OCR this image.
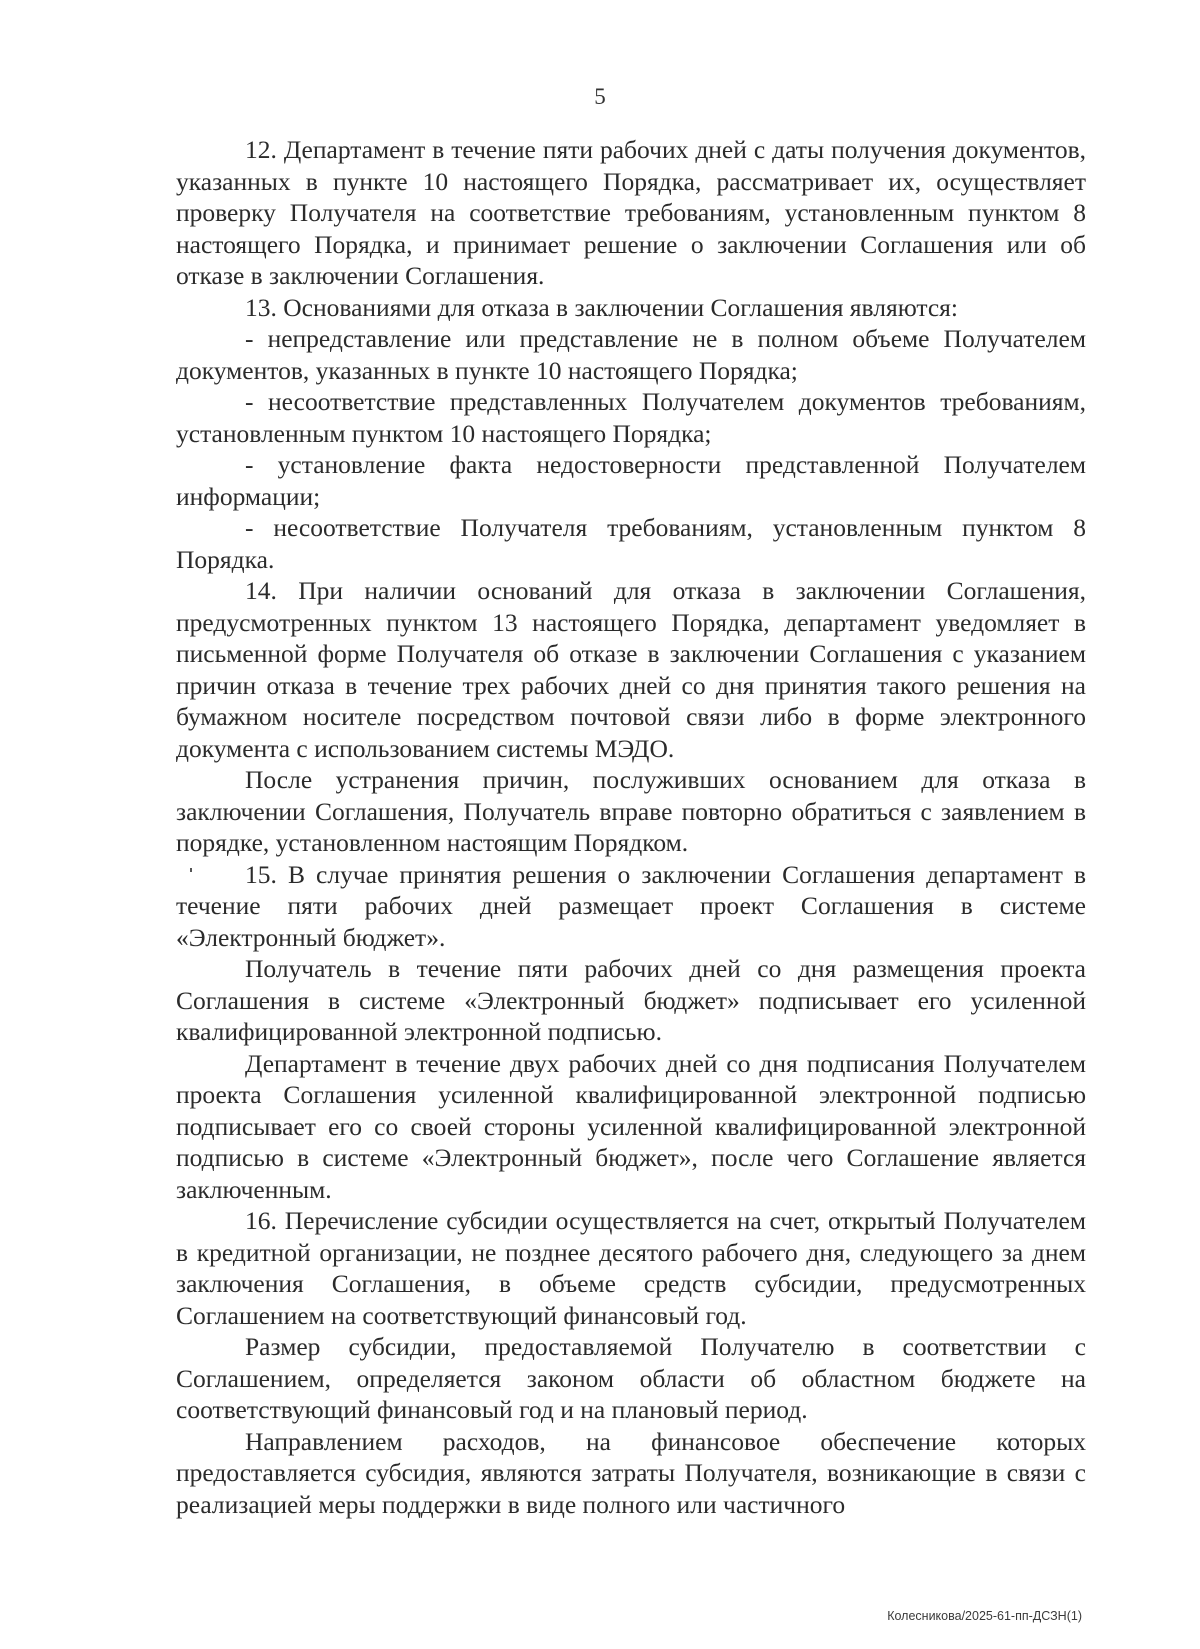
5

12. Департамент в течение пяти рабочих дней с даты получения документов, указанных в пункте 10 настоящего Порядка, рассматривает их, осуществляет проверку Получателя на соответствие требованиям, установленным пунктом 8 настоящего Порядка, и принимает решение о заключении Соглашения или об отказе в заключении Соглашения.

13. Основаниями для отказа в заключении Соглашения являются:

- непредставление или представление не в полном объеме Получателем документов, указанных в пункте 10 настоящего Порядка;

- несоответствие представленных Получателем документов требованиям, установленным пунктом 10 настоящего Порядка;

- установление факта недостоверности представленной Получателем информации;

- несоответствие Получателя требованиям, установленным пунктом 8 Порядка.

14. При наличии оснований для отказа в заключении Соглашения, предусмотренных пунктом 13 настоящего Порядка, департамент уведомляет в письменной форме Получателя об отказе в заключении Соглашения с указанием причин отказа в течение трех рабочих дней со дня принятия такого решения на бумажном носителе посредством почтовой связи либо в форме электронного документа с использованием системы МЭДО.

После устранения причин, послуживших основанием для отказа в заключении Соглашения, Получатель вправе повторно обратиться с заявлением в порядке, установленном настоящим Порядком.

15. В случае принятия решения о заключении Соглашения департамент в течение пяти рабочих дней размещает проект Соглашения в системе «Электронный бюджет».

Получатель в течение пяти рабочих дней со дня размещения проекта Соглашения в системе «Электронный бюджет» подписывает его усиленной квалифицированной электронной подписью.

Департамент в течение двух рабочих дней со дня подписания Получателем проекта Соглашения усиленной квалифицированной электронной подписью подписывает его со своей стороны усиленной квалифицированной электронной подписью в системе «Электронный бюджет», после чего Соглашение является заключенным.

16. Перечисление субсидии осуществляется на счет, открытый Получателем в кредитной организации, не позднее десятого рабочего дня, следующего за днем заключения Соглашения, в объеме средств субсидии, предусмотренных Соглашением на соответствующий финансовый год.

Размер субсидии, предоставляемой Получателю в соответствии с Соглашением, определяется законом области об областном бюджете на соответствующий финансовый год и на плановый период.

Направлением расходов, на финансовое обеспечение которых предоставляется субсидия, являются затраты Получателя, возникающие в связи с реализацией меры поддержки в виде полного или частичного

Колесникова/2025-61-пп-ДСЗН(1)
